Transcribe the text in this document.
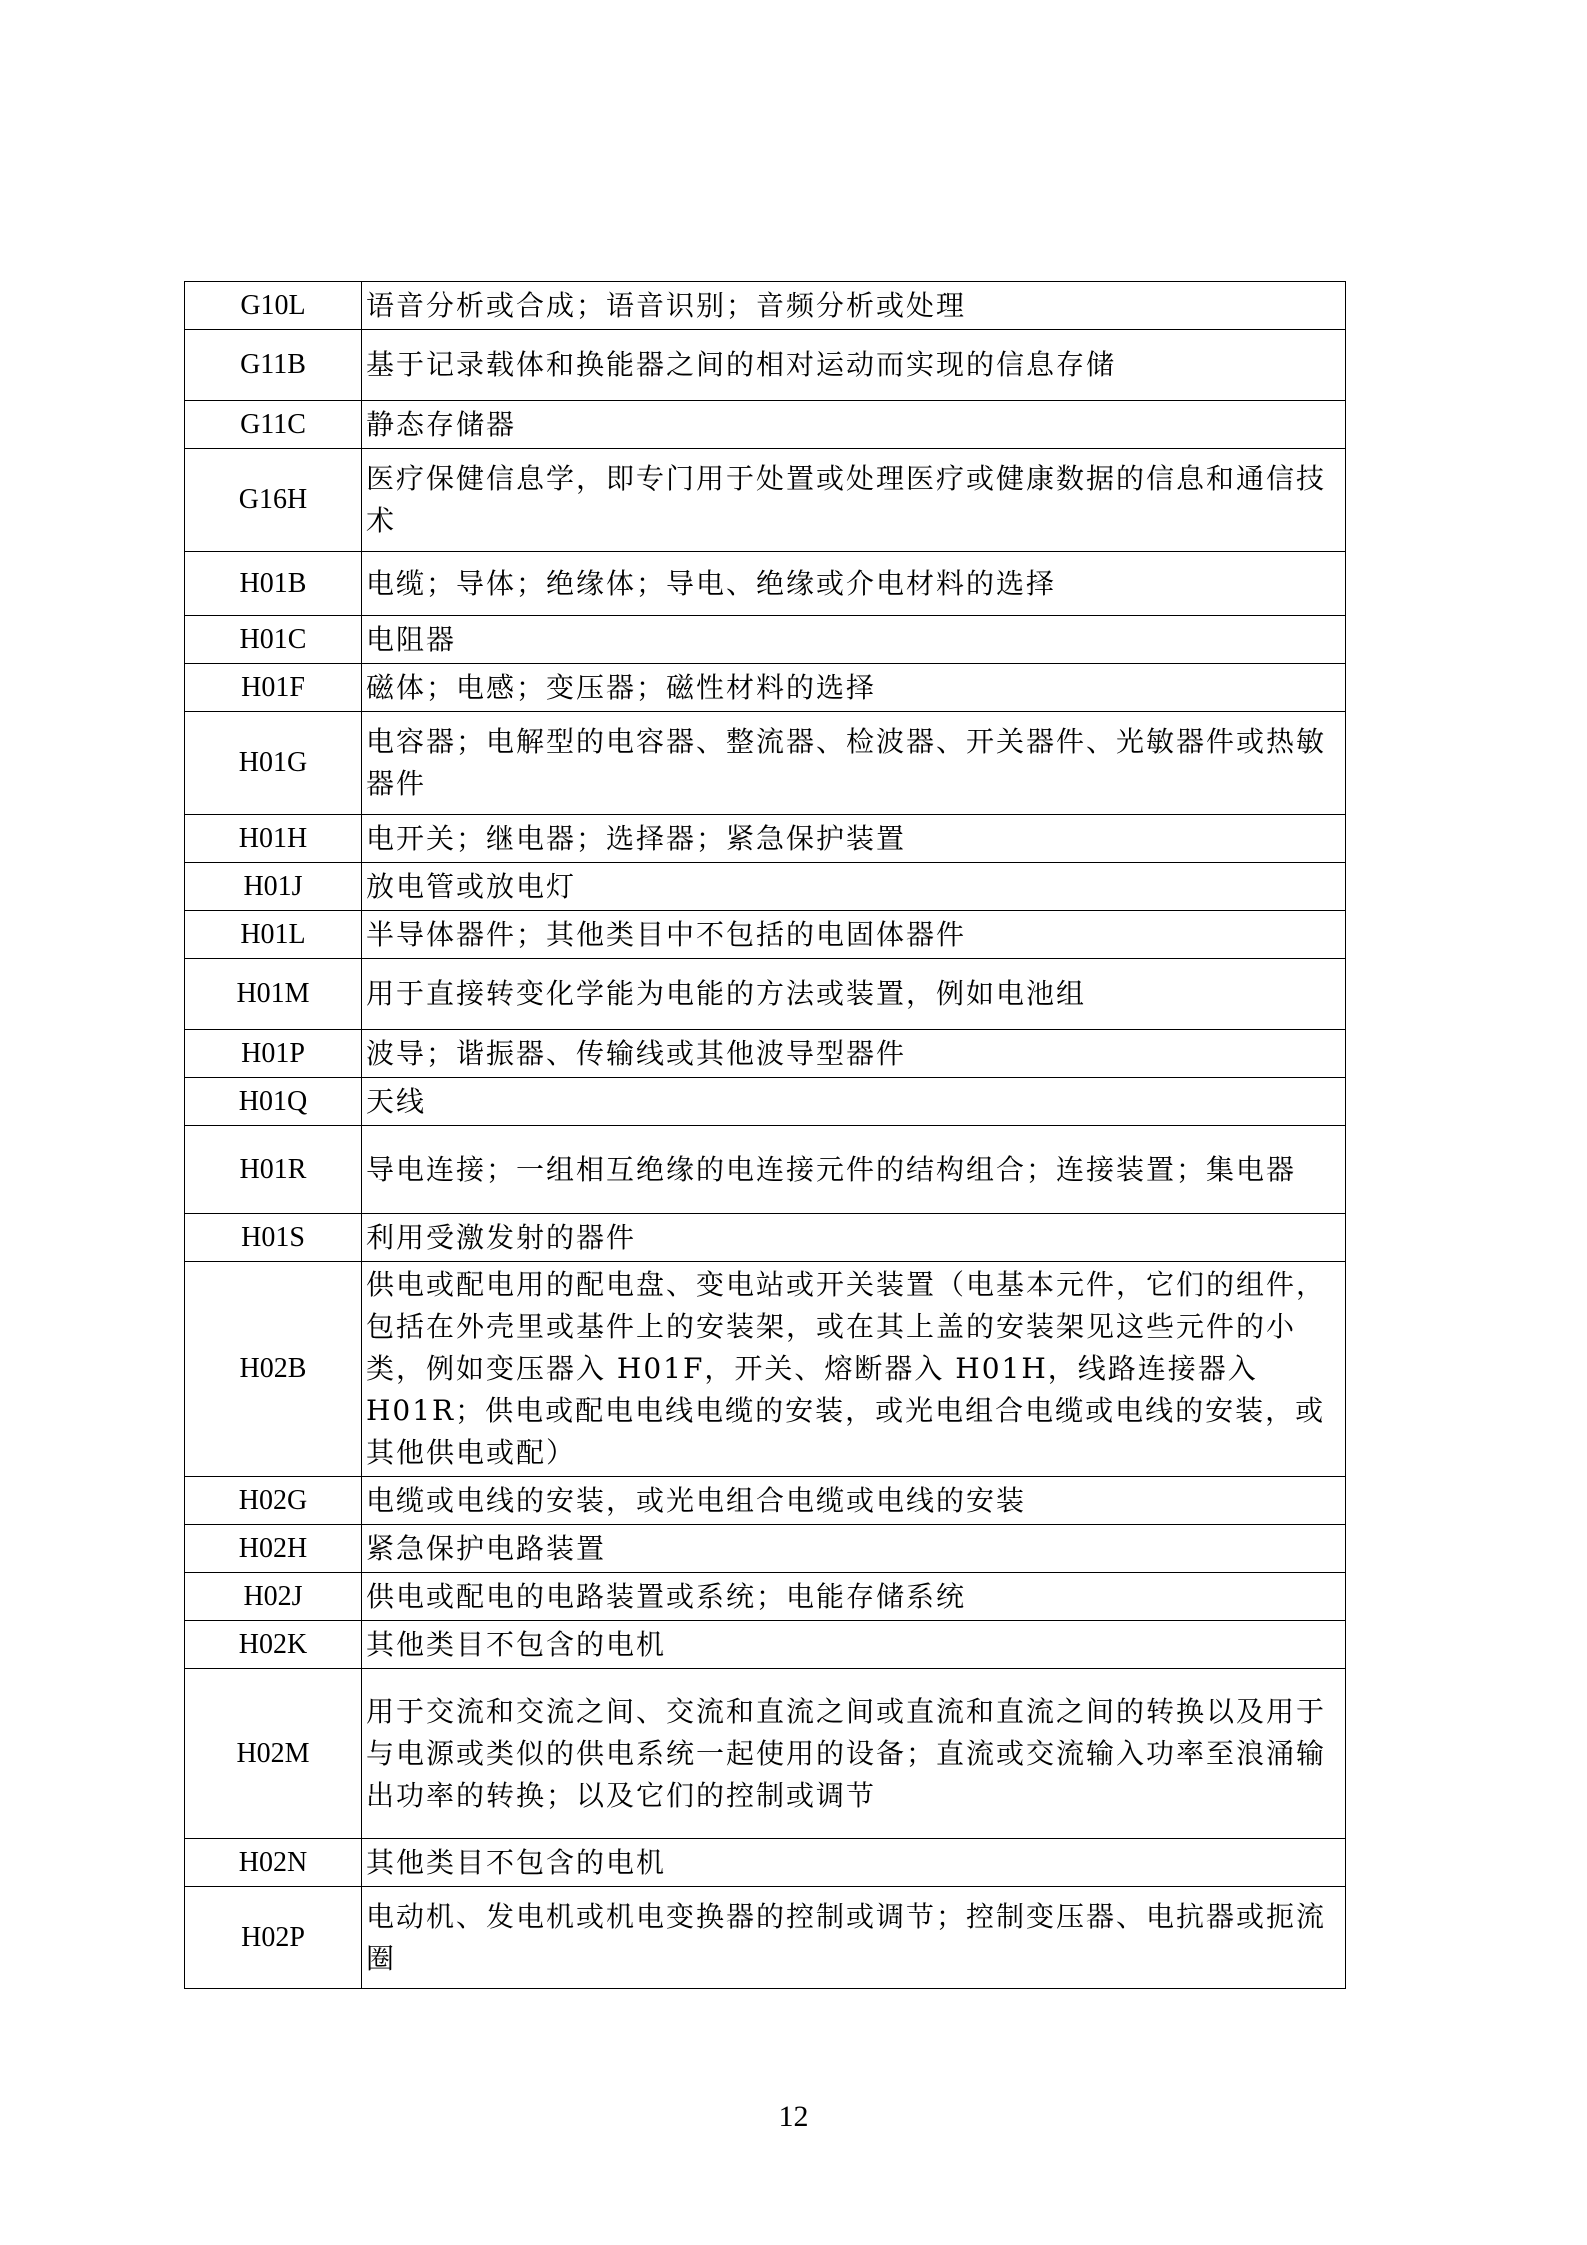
G10L	语音分析或合成；语音识别；音频分析或处理
G11B	基于记录载体和换能器之间的相对运动而实现的信息存储
G11C	静态存储器
G16H	医疗保健信息学，即专门用于处置或处理医疗或健康数据的信息和通信技术
H01B	电缆；导体；绝缘体；导电、绝缘或介电材料的选择
H01C	电阻器
H01F	磁体；电感；变压器；磁性材料的选择
H01G	电容器；电解型的电容器、整流器、检波器、开关器件、光敏器件或热敏器件
H01H	电开关；继电器；选择器；紧急保护装置
H01J	放电管或放电灯
H01L	半导体器件；其他类目中不包括的电固体器件
H01M	用于直接转变化学能为电能的方法或装置，例如电池组
H01P	波导；谐振器、传输线或其他波导型器件
H01Q	天线
H01R	导电连接；一组相互绝缘的电连接元件的结构组合；连接装置；集电器
H01S	利用受激发射的器件
H02B	供电或配电用的配电盘、变电站或开关装置（电基本元件，它们的组件，包括在外壳里或基件上的安装架，或在其上盖的安装架见这些元件的小类，例如变压器入 H01F，开关、熔断器入 H01H，线路连接器入 H01R；供电或配电电线电缆的安装，或光电组合电缆或电线的安装，或其他供电或配）
H02G	电缆或电线的安装，或光电组合电缆或电线的安装
H02H	紧急保护电路装置
H02J	供电或配电的电路装置或系统；电能存储系统
H02K	其他类目不包含的电机
H02M	用于交流和交流之间、交流和直流之间或直流和直流之间的转换以及用于与电源或类似的供电系统一起使用的设备；直流或交流输入功率至浪涌输出功率的转换；以及它们的控制或调节
H02N	其他类目不包含的电机
H02P	电动机、发电机或机电变换器的控制或调节；控制变压器、电抗器或扼流圈
12
